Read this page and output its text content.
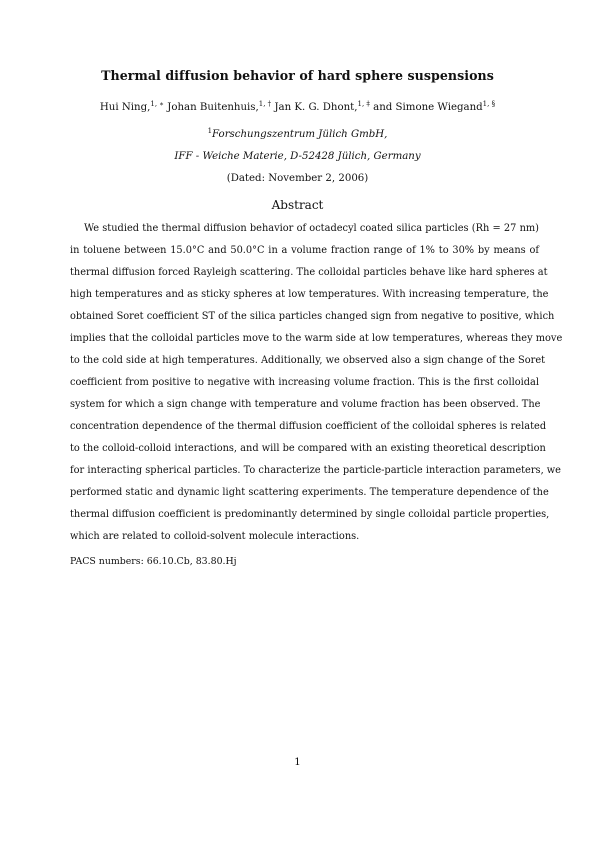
Thermal diffusion behavior of hard sphere suspensions
Hui Ning,$^{1, ∗}$ Johan Buitenhuis,$^{1, \dagger}$ Jan K. G. Dhont,$^{1, \ddagger}$ and Simone Wiegand$^{1, \S}$
$^1$Forschungszentrum Jülich GmbH,
IFF - Weiche Materie, D-52428 Jülich, Germany
(Dated: November 2, 2006)
Abstract
We studied the thermal diffusion behavior of octadecyl coated silica particles (Rh = 27 nm)
in toluene between 15.0°C and 50.0°C in a volume fraction range of 1% to 30% by means of
thermal diffusion forced Rayleigh scattering. The colloidal particles behave like hard spheres at
high temperatures and as sticky spheres at low temperatures. With increasing temperature, the
obtained Soret coefficient ST of the silica particles changed sign from negative to positive, which
implies that the colloidal particles move to the warm side at low temperatures, whereas they move
to the cold side at high temperatures. Additionally, we observed also a sign change of the Soret
coefficient from positive to negative with increasing volume fraction. This is the first colloidal
system for which a sign change with temperature and volume fraction has been observed. The
concentration dependence of the thermal diffusion coefficient of the colloidal spheres is related
to the colloid-colloid interactions, and will be compared with an existing theoretical description
for interacting spherical particles. To characterize the particle-particle interaction parameters, we
performed static and dynamic light scattering experiments. The temperature dependence of the
thermal diffusion coefficient is predominantly determined by single colloidal particle properties,
which are related to colloid-solvent molecule interactions.
PACS numbers: 66.10.Cb, 83.80.Hj
1
